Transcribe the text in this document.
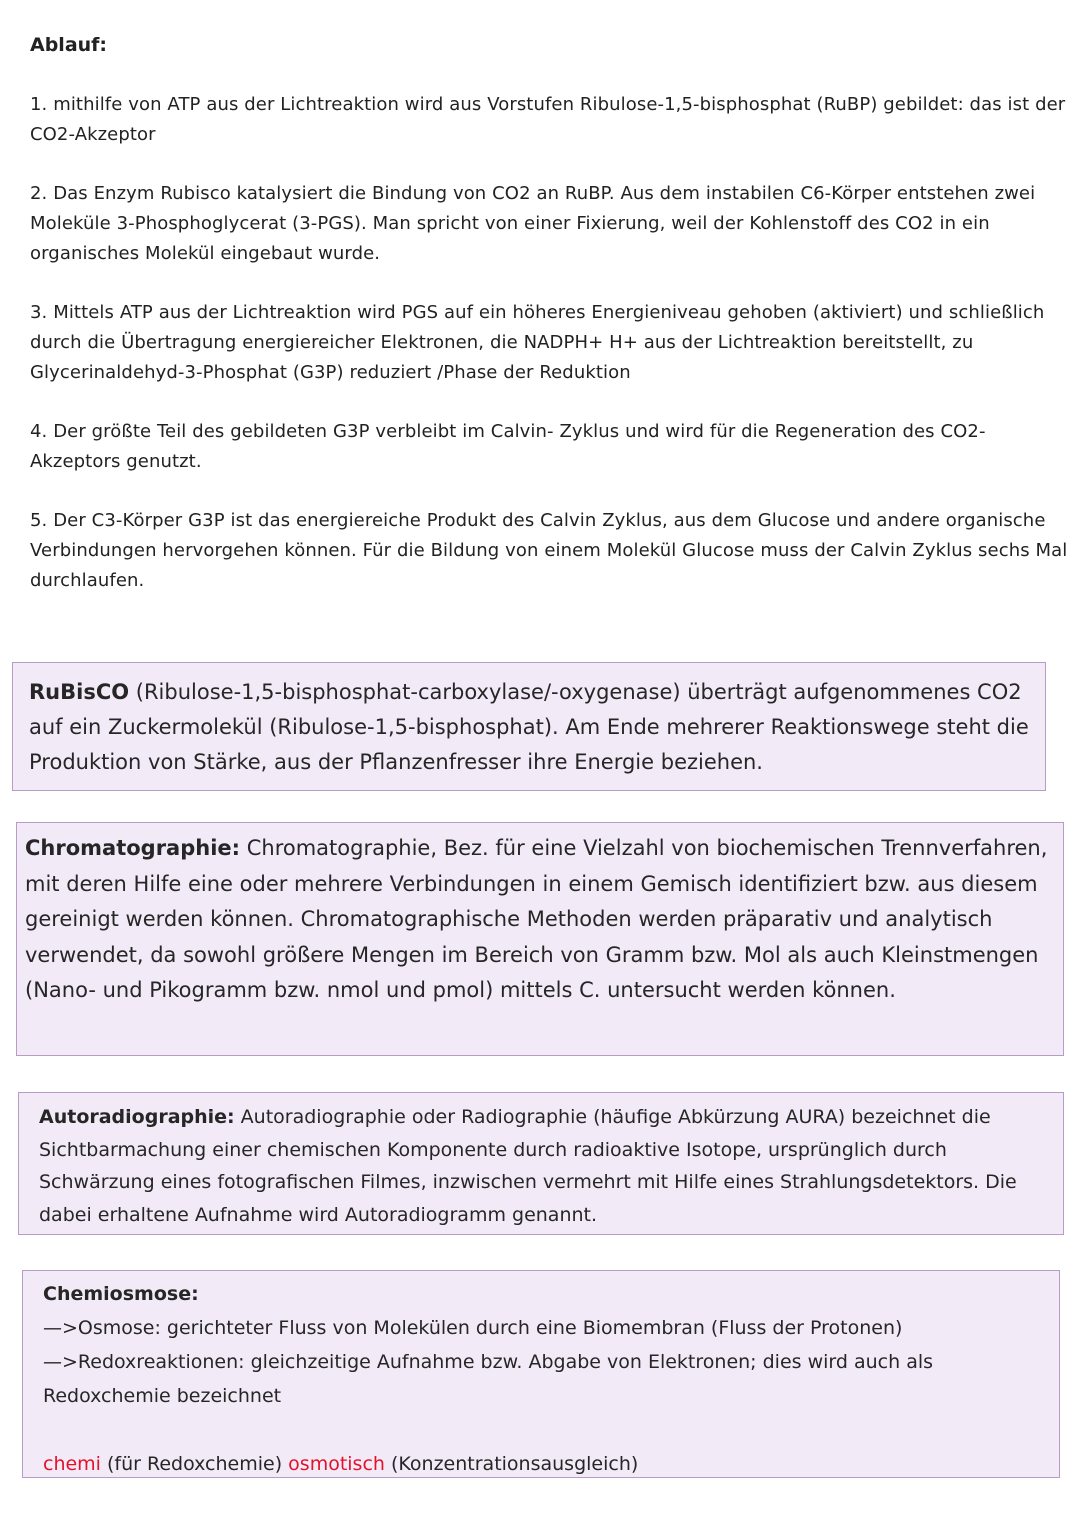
Ablauf:
1. mithilfe von ATP aus der Lichtreaktion wird aus Vorstufen Ribulose-1,5-bisphosphat (RuBP) gebildet: das ist der CO2-Akzeptor
2. Das Enzym Rubisco katalysiert die Bindung von CO2 an RuBP. Aus dem instabilen C6-Körper entstehen zwei Moleküle 3-Phosphoglycerat (3-PGS). Man spricht von einer Fixierung, weil der Kohlenstoff des CO2 in ein organisches Molekül eingebaut wurde.
3. Mittels ATP aus der Lichtreaktion wird PGS auf ein höheres Energieniveau gehoben (aktiviert) und schließlich durch die Übertragung energiereicher Elektronen, die NADPH+ H+ aus der Lichtreaktion bereitstellt, zu Glycerinaldehyd-3-Phosphat (G3P) reduziert /Phase der Reduktion
4. Der größte Teil des gebildeten G3P verbleibt im Calvin- Zyklus und wird für die Regeneration des CO2-Akzeptors genutzt.
5. Der C3-Körper G3P ist das energiereiche Produkt des Calvin Zyklus, aus dem Glucose und andere organische Verbindungen hervorgehen können. Für die Bildung von einem Molekül Glucose muss der Calvin Zyklus sechs Mal durchlaufen.

RuBisCO (Ribulose-1,5-bisphosphat-carboxylase/-oxygenase) überträgt aufgenommenes CO2 auf ein Zuckermolekül (Ribulose-1,5-bisphosphat). Am Ende mehrerer Reaktionswege steht die Produktion von Stärke, aus der Pflanzenfresser ihre Energie beziehen.

Chromatographie: Chromatographie, Bez. für eine Vielzahl von biochemischen Trennverfahren, mit deren Hilfe eine oder mehrere Verbindungen in einem Gemisch identifiziert bzw. aus diesem gereinigt werden können. Chromatographische Methoden werden präparativ und analytisch verwendet, da sowohl größere Mengen im Bereich von Gramm bzw. Mol als auch Kleinstmengen (Nano- und Pikogramm bzw. nmol und pmol) mittels C. untersucht werden können.

Autoradiographie: Autoradiographie oder Radiographie (häufige Abkürzung AURA) bezeichnet die Sichtbarmachung einer chemischen Komponente durch radioaktive Isotope, ursprünglich durch Schwärzung eines fotografischen Filmes, inzwischen vermehrt mit Hilfe eines Strahlungsdetektors. Die dabei erhaltene Aufnahme wird Autoradiogramm genannt.

Chemiosmose:

—>Osmose: gerichteter Fluss von Molekülen durch eine Biomembran (Fluss der Protonen)

—>Redoxreaktionen: gleichzeitige Aufnahme bzw. Abgabe von Elektronen; dies wird auch als Redoxchemie bezeichnet

chemi (für Redoxchemie) osmotisch (Konzentrationsausgleich)
